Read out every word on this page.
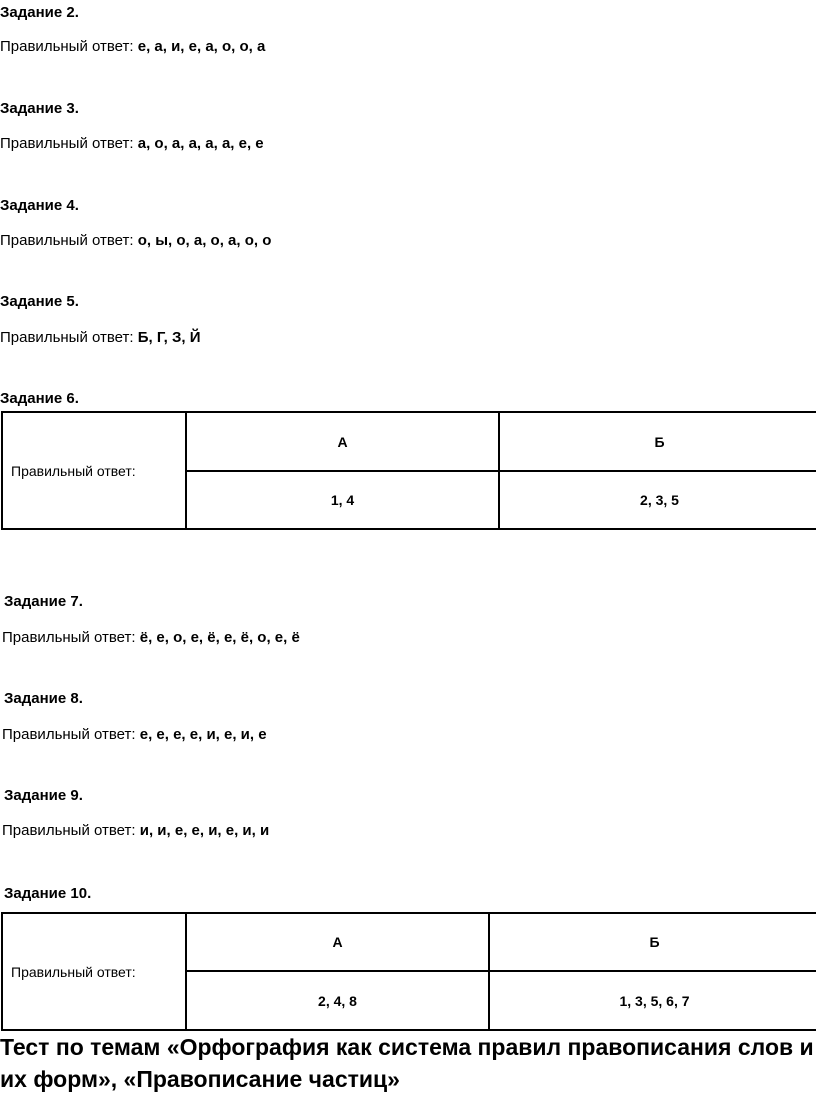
Задание 2.
Правильный ответ: е, а, и, е, а, о, о, а
Задание 3.
Правильный ответ: а, о, а, а, а, а, е, е
Задание 4.
Правильный ответ: о, ы, о, а, о, а, о, о
Задание 5.
Правильный ответ: Б, Г, З, Й
Задание 6.
Правильный ответ:	А	Б
	1, 4	2, 3, 5
Задание 7.
Правильный ответ: ё, е, о, е, ё, е, ё, о, е, ё
Задание 8.
Правильный ответ: е, е, е, е, и, е, и, е
Задание 9.
Правильный ответ: и, и, е, е, и, е, и, и
Задание 10.
Правильный ответ:	А	Б
	2, 4, 8	1, 3, 5, 6, 7
Тест по темам «Орфография как система правил правописания слов и их форм», «Правописание частиц»
